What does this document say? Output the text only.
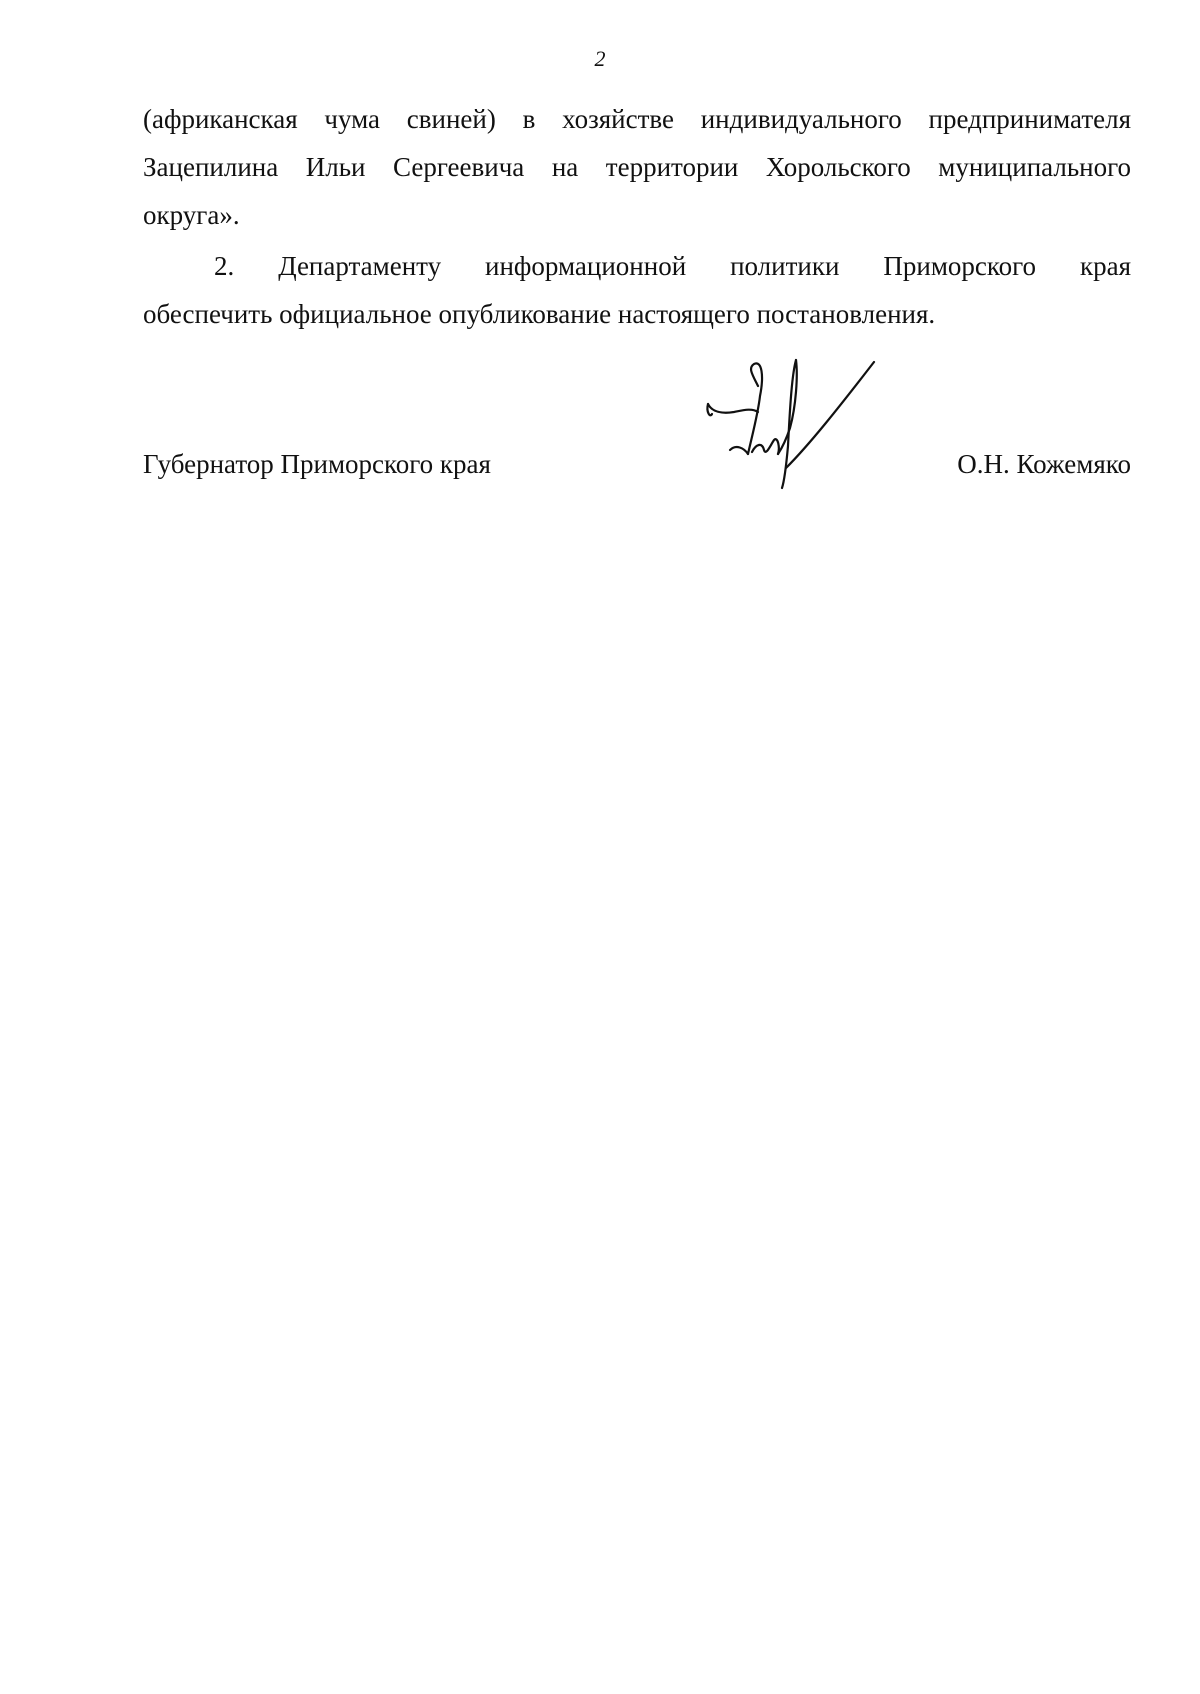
2
(африканская чума свиней) в хозяйстве индивидуального предпринимателя
Зацепилина Ильи Сергеевича на территории Хорольского муниципального
округа».
2. Департаменту информационной политики Приморского края
обеспечить официальное опубликование настоящего постановления.
Губернатор Приморского края	О.Н. Кожемяко
